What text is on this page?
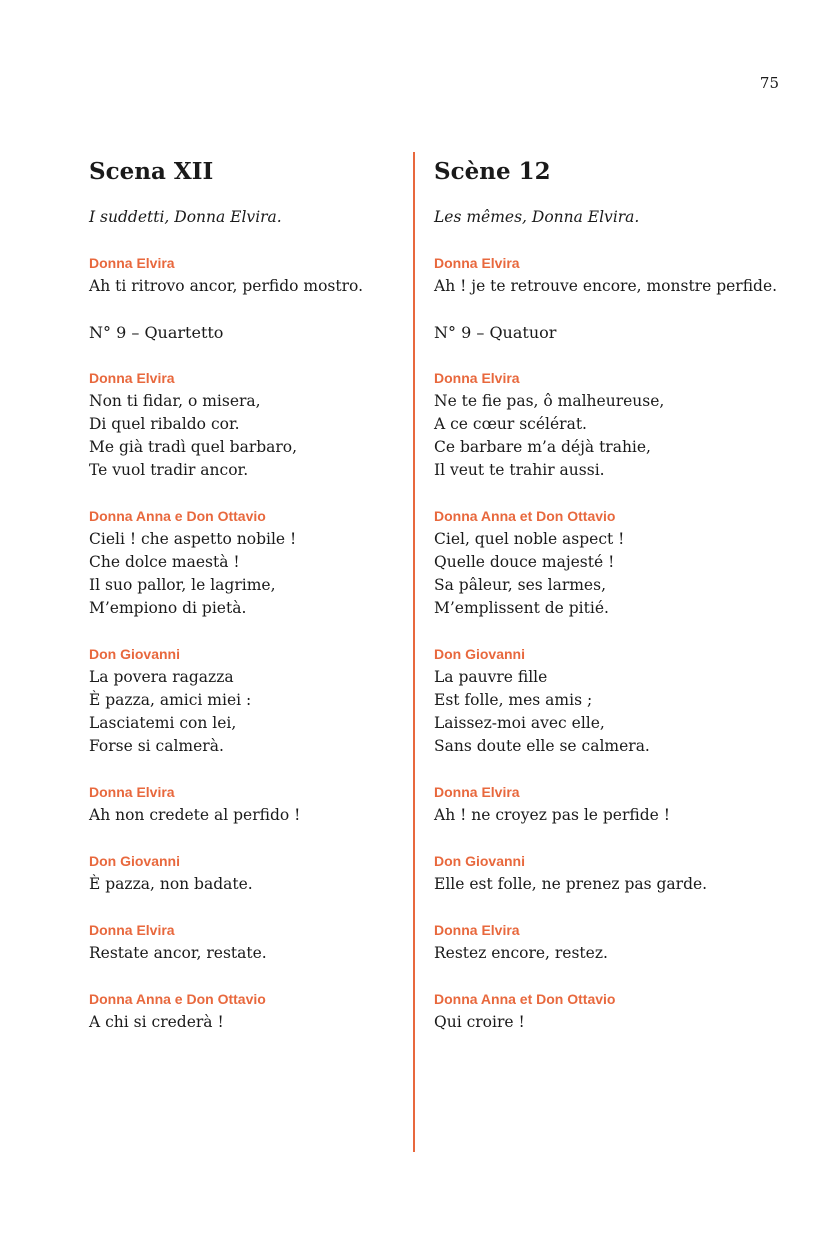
75
Scena XII

I suddetti, Donna Elvira.

Donna Elvira
Ah ti ritrovo ancor, perfido mostro.
N° 9 – Quartetto
Donna Elvira
Non ti fidar, o misera,
Di quel ribaldo cor.
Me già tradì quel barbaro,
Te vuol tradir ancor.
Donna Anna e Don Ottavio
Cieli ! che aspetto nobile !
Che dolce maestà !
Il suo pallor, le lagrime,
M’empiono di pietà.
Don Giovanni
La povera ragazza
È pazza, amici miei :
Lasciatemi con lei,
Forse si calmerà.
Donna Elvira
Ah non credete al perfido !
Don Giovanni
È pazza, non badate.
Donna Elvira
Restate ancor, restate.
Donna Anna e Don Ottavio
A chi si crederà !
Scène 12

Les mêmes, Donna Elvira.

Donna Elvira
Ah ! je te retrouve encore, monstre perfide.
N° 9 – Quatuor
Donna Elvira
Ne te fie pas, ô malheureuse,
A ce cœur scélérat.
Ce barbare m’a déjà trahie,
Il veut te trahir aussi.
Donna Anna et Don Ottavio
Ciel, quel noble aspect !
Quelle douce majesté !
Sa pâleur, ses larmes,
M’emplissent de pitié.
Don Giovanni
La pauvre fille
Est folle, mes amis ;
Laissez-moi avec elle,
Sans doute elle se calmera.
Donna Elvira
Ah ! ne croyez pas le perfide !
Don Giovanni
Elle est folle, ne prenez pas garde.
Donna Elvira
Restez encore, restez.
Donna Anna et Don Ottavio
Qui croire !
